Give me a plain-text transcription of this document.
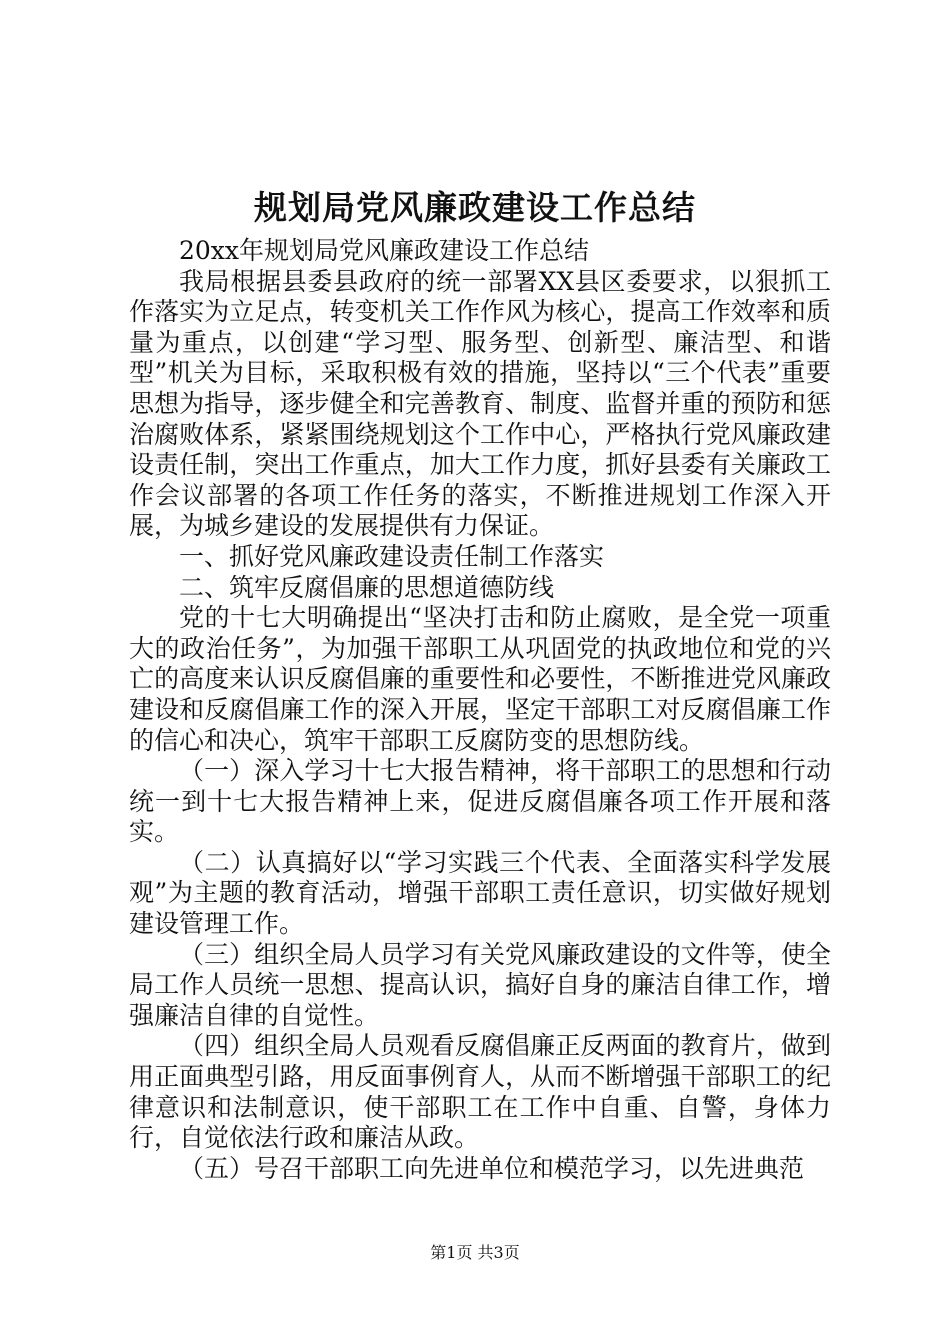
规划局党风廉政建设工作总结

20xx年规划局党风廉政建设工作总结

我局根据县委县政府的统一部署XX县区委要求，以狠抓工作落实为立足点，转变机关工作作风为核心，提高工作效率和质量为重点，以创建“学习型、服务型、创新型、廉洁型、和谐型”机关为目标，采取积极有效的措施，坚持以“三个代表”重要思想为指导，逐步健全和完善教育、制度、监督并重的预防和惩治腐败体系，紧紧围绕规划这个工作中心，严格执行党风廉政建设责任制，突出工作重点，加大工作力度，抓好县委有关廉政工作会议部署的各项工作任务的落实，不断推进规划工作深入开展，为城乡建设的发展提供有力保证。

一、抓好党风廉政建设责任制工作落实

二、筑牢反腐倡廉的思想道德防线

党的十七大明确提出“坚决打击和防止腐败，是全党一项重大的政治任务”，为加强干部职工从巩固党的执政地位和党的兴亡的高度来认识反腐倡廉的重要性和必要性，不断推进党风廉政建设和反腐倡廉工作的深入开展，坚定干部职工对反腐倡廉工作的信心和决心，筑牢干部职工反腐防变的思想防线。

（一）深入学习十七大报告精神，将干部职工的思想和行动统一到十七大报告精神上来，促进反腐倡廉各项工作开展和落实。

（二）认真搞好以“学习实践三个代表、全面落实科学发展观”为主题的教育活动，增强干部职工责任意识，切实做好规划建设管理工作。

（三）组织全局人员学习有关党风廉政建设的文件等，使全局工作人员统一思想、提高认识，搞好自身的廉洁自律工作，增强廉洁自律的自觉性。

（四）组织全局人员观看反腐倡廉正反两面的教育片，做到用正面典型引路，用反面事例育人，从而不断增强干部职工的纪律意识和法制意识，使干部职工在工作中自重、自警，身体力行，自觉依法行政和廉洁从政。

（五）号召干部职工向先进单位和模范学习，以先进典范

第1页 共3页
